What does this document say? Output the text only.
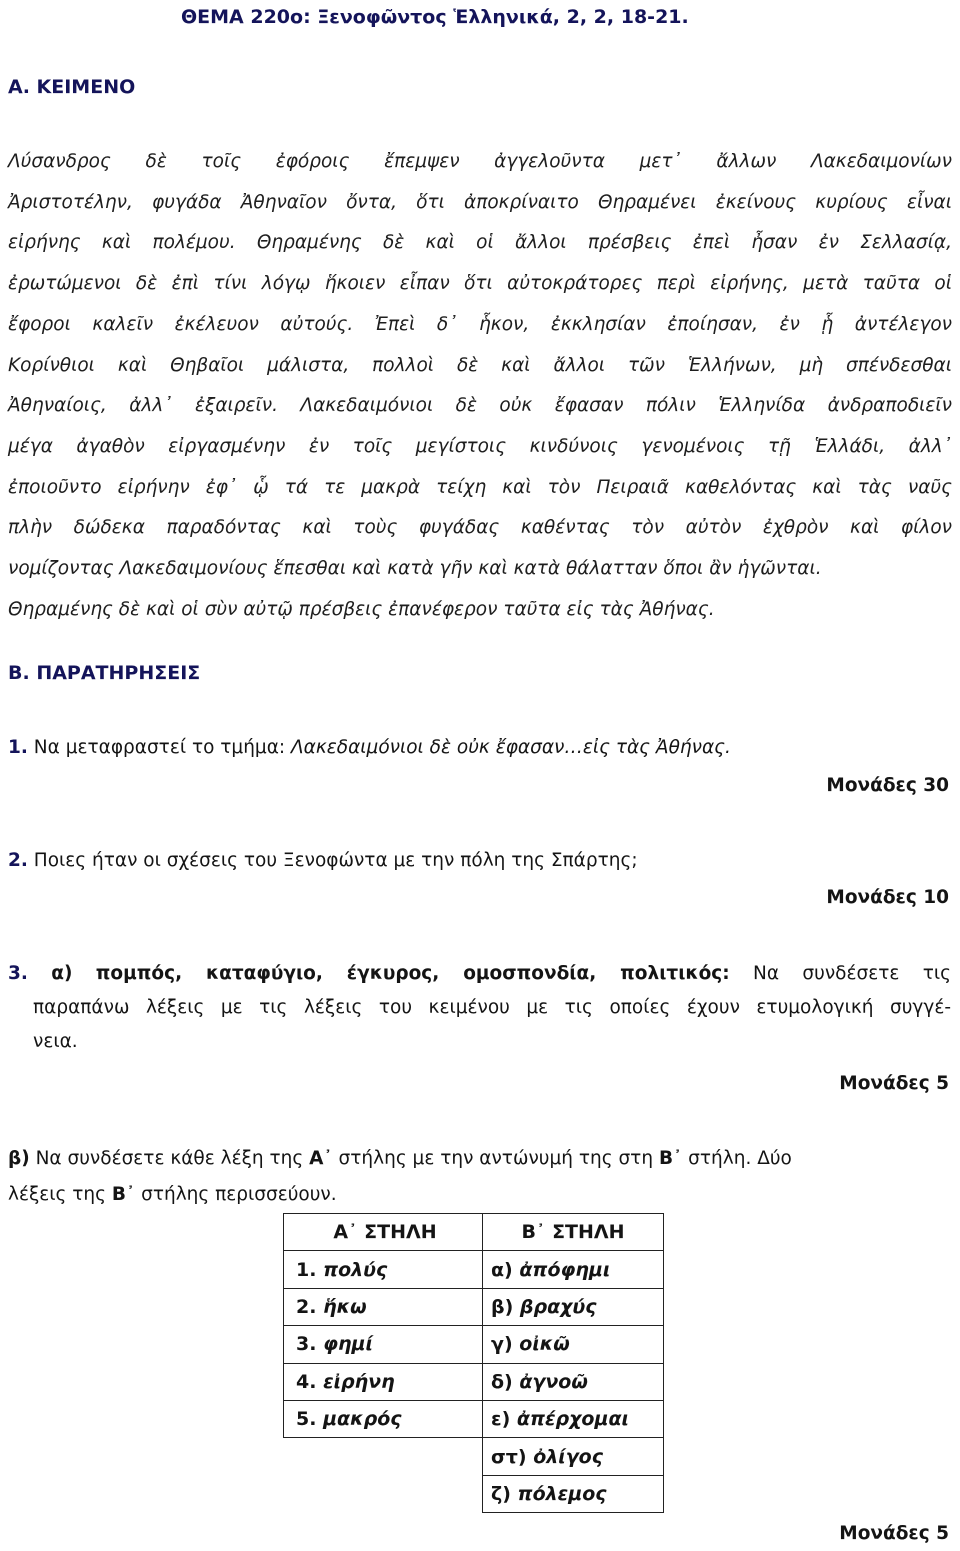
ΘΕΜΑ 220ο: Ξενοφῶντος Ἑλληνικά, 2, 2, 18-21.
Α. ΚΕΙΜΕΝΟ
Λύσανδρος δὲ τοῖς ἐφόροις ἔπεμψεν ἀγγελοῦντα μετ᾽ ἄλλων Λακεδαιμονίων
Ἀριστοτέλην, φυγάδα Ἀθηναῖον ὄντα, ὅτι ἀποκρίναιτο Θηραμένει ἐκείνους κυρίους εἶναι
εἰρήνης καὶ πολέμου. Θηραμένης δὲ καὶ οἱ ἄλλοι πρέσβεις ἐπεὶ ἦσαν ἐν Σελλασίᾳ,
ἐρωτώμενοι δὲ ἐπὶ τίνι λόγῳ ἥκοιεν εἶπαν ὅτι αὐτοκράτορες περὶ εἰρήνης, μετὰ ταῦτα οἱ
ἔφοροι καλεῖν ἐκέλευον αὐτούς. Ἐπεὶ δ᾽ ἧκον, ἐκκλησίαν ἐποίησαν, ἐν ᾗ ἀντέλεγον
Κορίνθιοι καὶ Θηβαῖοι μάλιστα, πολλοὶ δὲ καὶ ἄλλοι τῶν Ἑλλήνων, μὴ σπένδεσθαι
Ἀθηναίοις, ἀλλ᾽ ἐξαιρεῖν. Λακεδαιμόνιοι δὲ οὐκ ἔφασαν πόλιν Ἑλληνίδα ἀνδραποδιεῖν
μέγα ἀγαθὸν εἰργασμένην ἐν τοῖς μεγίστοις κινδύνοις γενομένοις τῇ Ἑλλάδι, ἀλλ᾽
ἐποιοῦντο εἰρήνην ἐφ᾽ ᾧ τά τε μακρὰ τείχη καὶ τὸν Πειραιᾶ καθελόντας καὶ τὰς ναῦς
πλὴν δώδεκα παραδόντας καὶ τοὺς φυγάδας καθέντας τὸν αὐτὸν ἐχθρὸν καὶ φίλον
νομίζοντας Λακεδαιμονίους ἕπεσθαι καὶ κατὰ γῆν καὶ κατὰ θάλατταν ὅποι ἂν ἡγῶνται.
Θηραμένης δὲ καὶ οἱ σὺν αὐτῷ πρέσβεις ἐπανέφερον ταῦτα εἰς τὰς Ἀθήνας.
Β. ΠΑΡΑΤΗΡΗΣΕΙΣ
1. Να μεταφραστεί το τμήμα: Λακεδαιμόνιοι δὲ οὐκ ἔφασαν…εἰς τὰς Ἀθήνας.
Μονάδες 30
2. Ποιες ήταν οι σχέσεις του Ξενοφώντα με την πόλη της Σπάρτης;
Μονάδες 10
3. α) πομπός, καταφύγιο, έγκυρος, ομοσπονδία, πολιτικός: Να συνδέσετε τις
παραπάνω λέξεις με τις λέξεις του κειμένου με τις οποίες έχουν ετυμολογική συγγέ-
νεια.
Μονάδες 5
β) Να συνδέσετε κάθε λέξη της Α᾽ στήλης με την αντώνυμή της στη Β᾽ στήλη. Δύο
λέξεις της Β᾽ στήλης περισσεύουν.
Α᾽ ΣΤΗΛΗ	Β᾽ ΣΤΗΛΗ
1. πολύς	α) ἀπόφημι
2. ἥκω	β) βραχύς
3. φημί	γ) οἰκῶ
4. εἰρήνη	δ) ἀγνοῶ
5. μακρός	ε) ἀπέρχομαι
	στ) ὀλίγος
	ζ) πόλεμος
Μονάδες 5
